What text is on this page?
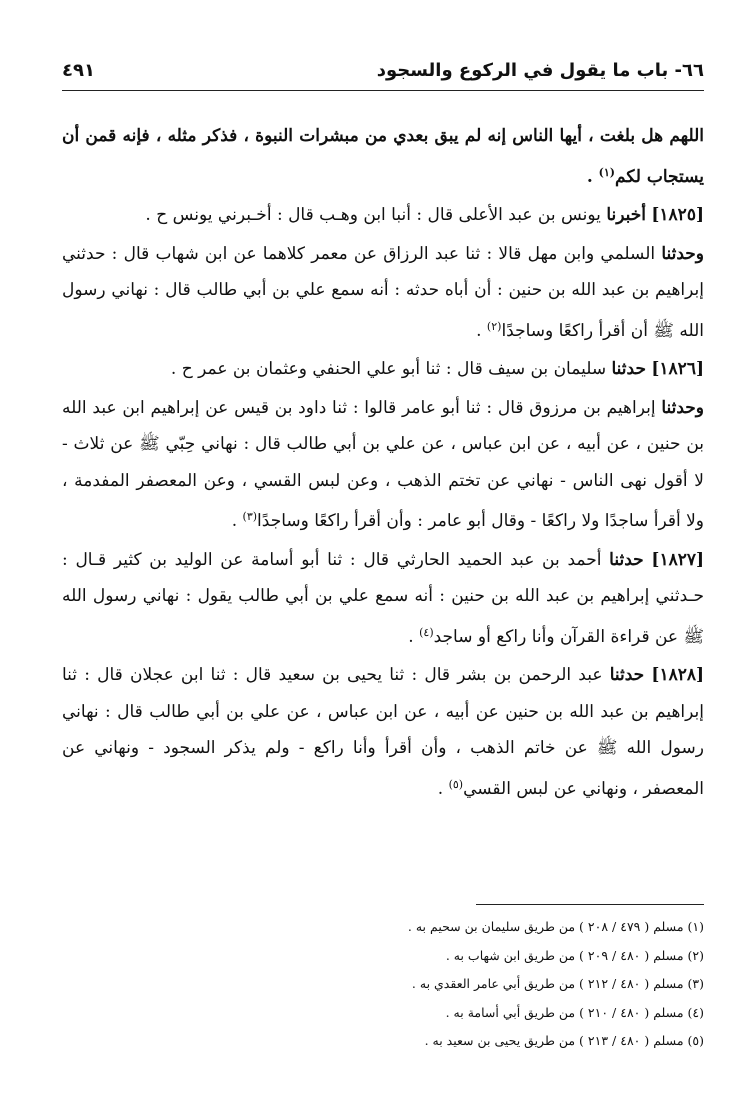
٦٦- باب ما يقول في الركوع والسجود
٤٩١

اللهم هل بلغت ، أيها الناس إنه لم يبق بعدي من مبشرات النبوة ، فذكر مثله ، فإنه قمن أن يستجاب لكم$^{(١)}$ .

[١٨٢٥] أخبرنا يونس بن عبد الأعلى قال : أنبا ابن وهـب قال : أخـبرني يونس ح .

وحدثنا السلمي وابن مهل قالا : ثنا عبد الرزاق عن معمر كلاهما عن ابن شهاب قال : حدثني إبراهيم بن عبد الله بن حنين : أن أباه حدثه : أنه سمع علي بن أبي طالب قال : نهاني رسول الله ﷺ أن أقرأ راكعًا وساجدًا$^{(٢)}$ .

[١٨٢٦] حدثنا سليمان بن سيف قال : ثنا أبو علي الحنفي وعثمان بن عمر ح .

وحدثنا إبراهيم بن مرزوق قال : ثنا أبو عامر قالوا : ثنا داود بن قيس عن إبراهيم ابن عبد الله بن حنين ، عن أبيه ، عن ابن عباس ، عن علي بن أبي طالب قال : نهاني حِبّي ﷺ عن ثلاث - لا أقول نهى الناس - نهاني عن تختم الذهب ، وعن لبس القسي ، وعن المعصفر المفدمة ، ولا أقرأ ساجدًا ولا راكعًا - وقال أبو عامر : وأن أقرأ راكعًا وساجدًا$^{(٣)}$ .

[١٨٢٧] حدثنا أحمد بن عبد الحميد الحارثي قال : ثنا أبو أسامة عن الوليد بن كثير قـال : حـدثني إبراهيم بن عبد الله بن حنين : أنه سمع علي بن أبي طالب يقول : نهاني رسول الله ﷺ عن قراءة القرآن وأنا راكع أو ساجد$^{(٤)}$ .

[١٨٢٨] حدثنا عبد الرحمن بن بشر قال : ثنا يحيى بن سعيد قال : ثنا ابن عجلان قال : ثنا إبراهيم بن عبد الله بن حنين عن أبيه ، عن ابن عباس ، عن علي بن أبي طالب قال : نهاني رسول الله ﷺ عن خاتم الذهب ، وأن أقرأ وأنا راكع - ولم يذكر السجود - ونهاني عن المعصفر ، ونهاني عن لبس القسي$^{(٥)}$ .

(١) مسلم ( ٤٧٩ / ٢٠٨ ) من طريق سليمان بن سحيم به .

(٢) مسلم ( ٤٨٠ / ٢٠٩ ) من طريق ابن شهاب به .

(٣) مسلم ( ٤٨٠ / ٢١٢ ) من طريق أبي عامر العقدي به .

(٤) مسلم ( ٤٨٠ / ٢١٠ ) من طريق أبي أسامة به .

(٥) مسلم ( ٤٨٠ / ٢١٣ ) من طريق يحيى بن سعيد به .
